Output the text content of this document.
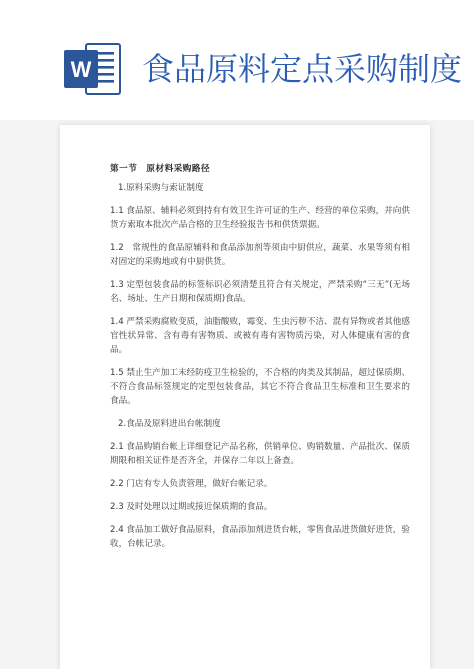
W 食品原料定点采购制度
第一节　原材料采购路径
1.原料采购与索证制度
1.1 食品原、辅料必须到持有有效卫生许可证的生产、经营的单位采购，并向供货方索取本批次产品合格的卫生经验报告书和供货票据。
1.2　常规性的食品原辅料和食品添加剂等须由中厨供应，蔬菜、水果等须有相对固定的采购地或有中厨供货。
1.3 定型包装食品的标签标识必须清楚且符合有关规定，严禁采购“三无”(无场名、场址、生产日期和保质期)食品。
1.4 严禁采购腐败变质，油脂酸败，霉变、生虫污秽不洁、混有异物或者其他感官性状异常、含有毒有害物质、或被有毒有害物质污染，对人体健康有害的食品。
1.5 禁止生产加工未经防疫卫生检验的，不合格的肉类及其制品，超过保质期、 不符合食品标签规定的定型包装食品，其它不符合食品卫生标准和卫生要求的食品。
2.食品及原料进出台帐制度
2.1 食品购销台帐上详细登记产品名称，供销单位、购销数量、产品批次、保质期限和相关证件是否齐全，并保存二年以上备查。
2.2 门店有专人负责管理，做好台帐记录。
2.3 及时处理以过期或接近保质期的食品。
2.4 食品加工做好食品原料，食品添加剂进货台帐，零售食品进货做好进货，验收，台帐记录。
